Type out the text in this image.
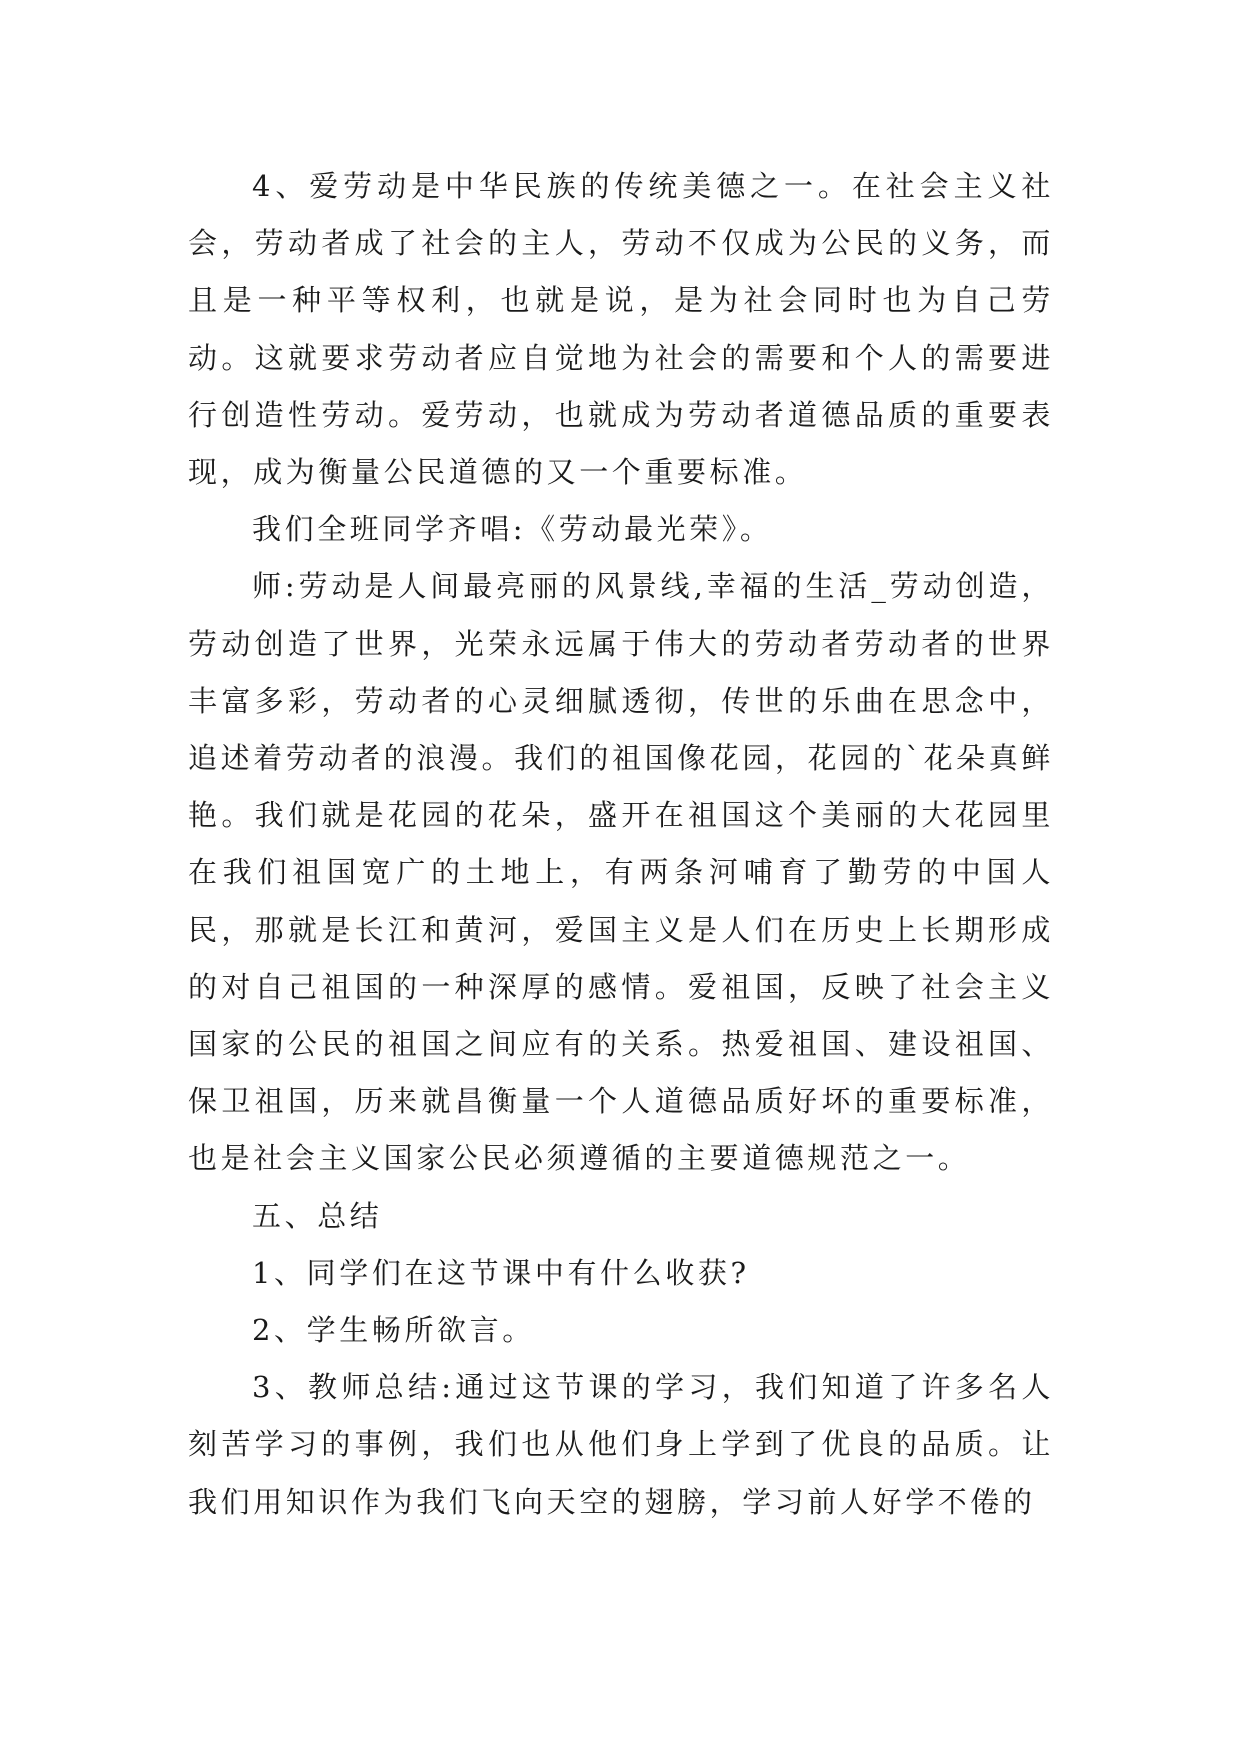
4、爱劳动是中华民族的传统美德之一。在社会主义社会，劳动者成了社会的主人，劳动不仅成为公民的义务，而且是一种平等权利，也就是说，是为社会同时也为自己劳动。这就要求劳动者应自觉地为社会的需要和个人的需要进行创造性劳动。爱劳动，也就成为劳动者道德品质的重要表现，成为衡量公民道德的又一个重要标准。

我们全班同学齐唱:《劳动最光荣》。

师:劳动是人间最亮丽的风景线,幸福的生活_劳动创造，劳动创造了世界，光荣永远属于伟大的劳动者劳动者的世界丰富多彩，劳动者的心灵细腻透彻，传世的乐曲在思念中，追述着劳动者的浪漫。我们的祖国像花园，花园的`花朵真鲜艳。我们就是花园的花朵，盛开在祖国这个美丽的大花园里在我们祖国宽广的土地上，有两条河哺育了勤劳的中国人民，那就是长江和黄河，爱国主义是人们在历史上长期形成的对自己祖国的一种深厚的感情。爱祖国，反映了社会主义国家的公民的祖国之间应有的关系。热爱祖国、建设祖国、保卫祖国，历来就昌衡量一个人道德品质好坏的重要标准，也是社会主义国家公民必须遵循的主要道德规范之一。

五、总结

1、同学们在这节课中有什么收获?

2、学生畅所欲言。

3、教师总结:通过这节课的学习，我们知道了许多名人刻苦学习的事例，我们也从他们身上学到了优良的品质。让我们用知识作为我们飞向天空的翅膀，学习前人好学不倦的
